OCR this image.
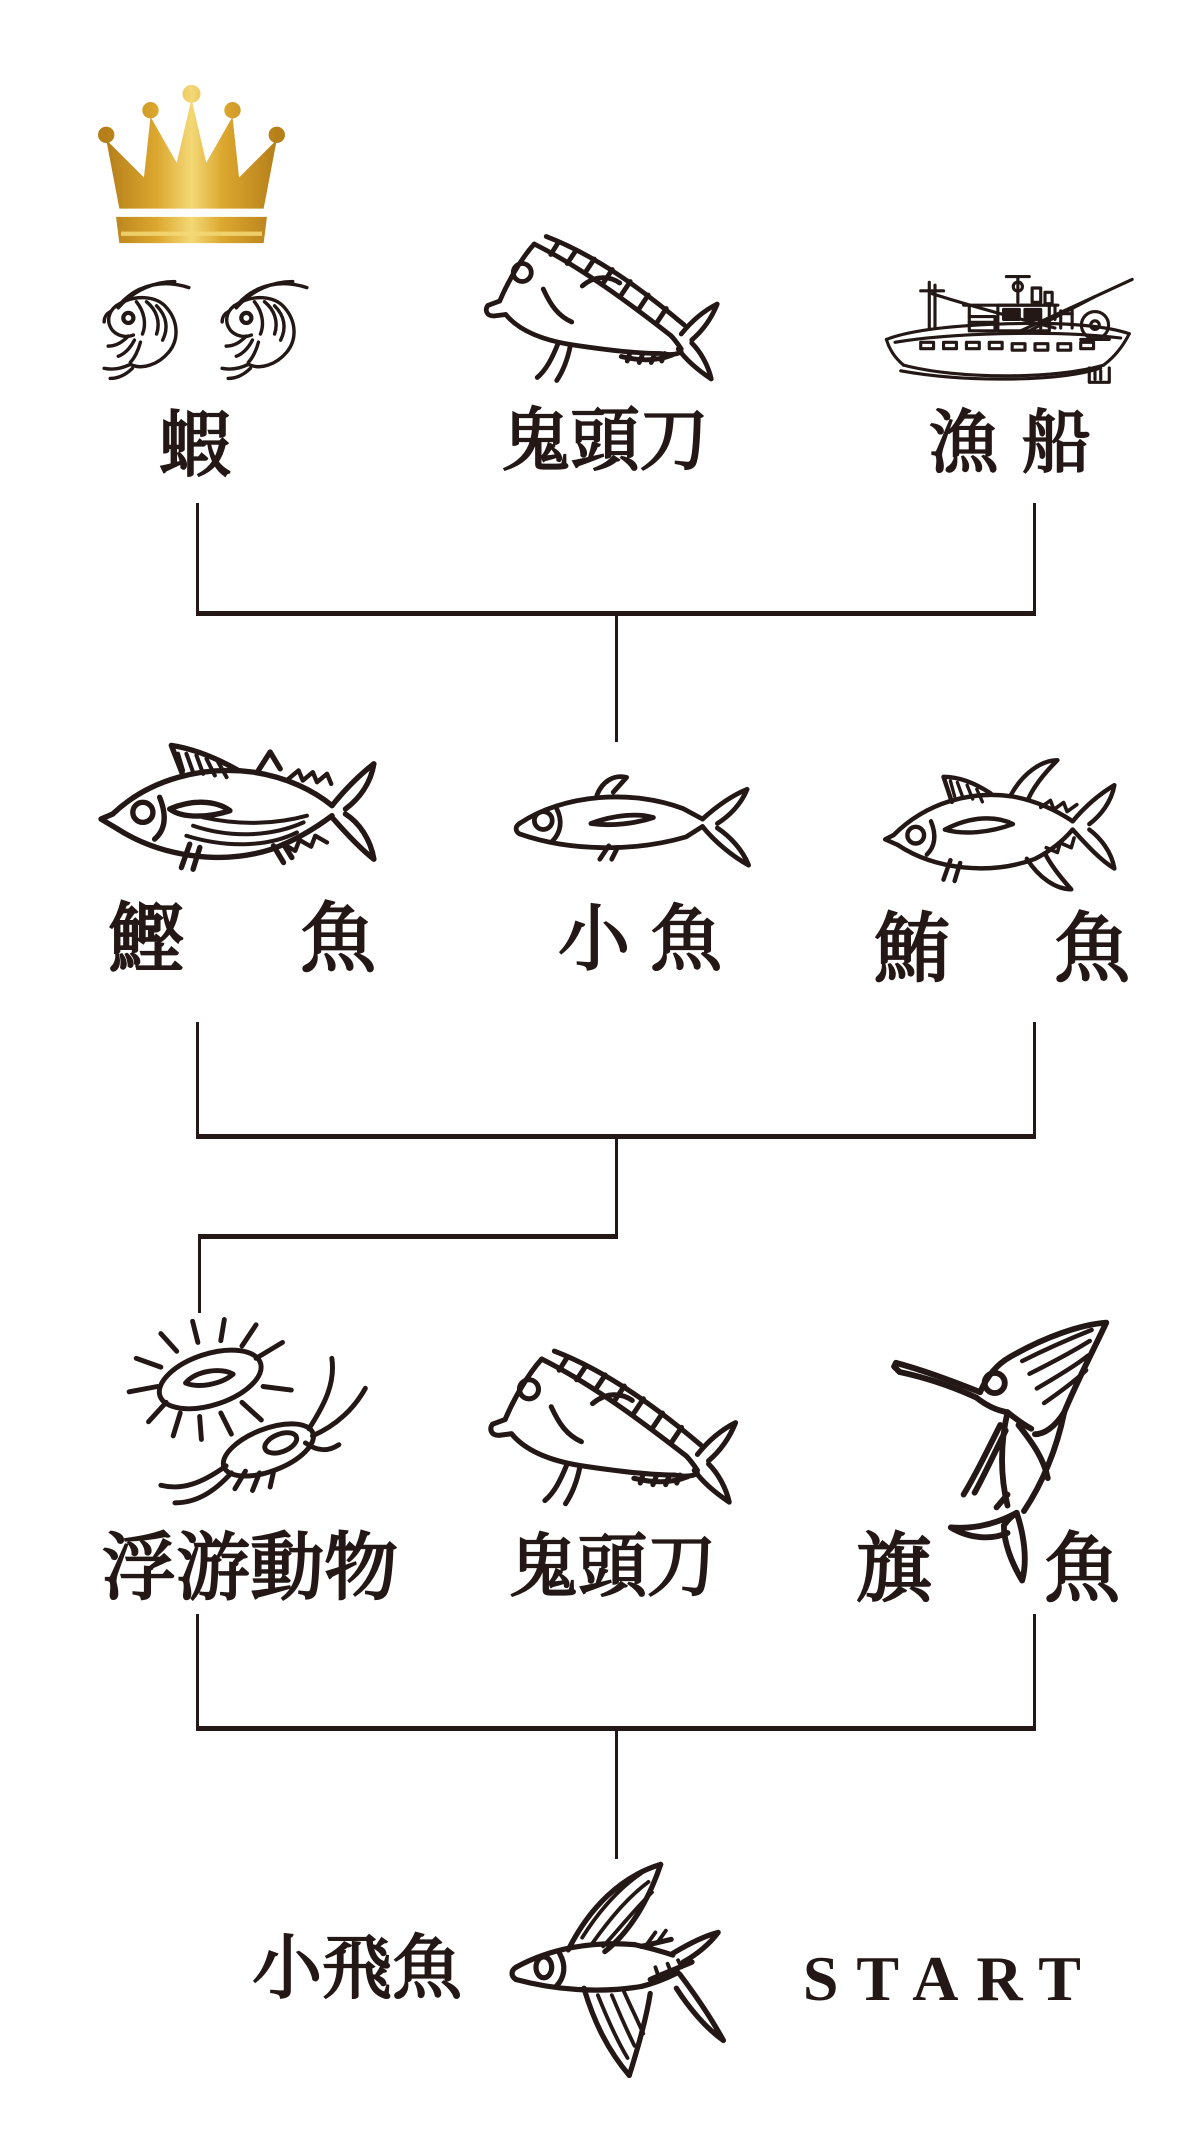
蝦	鬼頭刀	漁船
鰹 魚	小魚	鮪 魚
浮游動物	鬼頭刀	旗 魚
小飛魚	START
